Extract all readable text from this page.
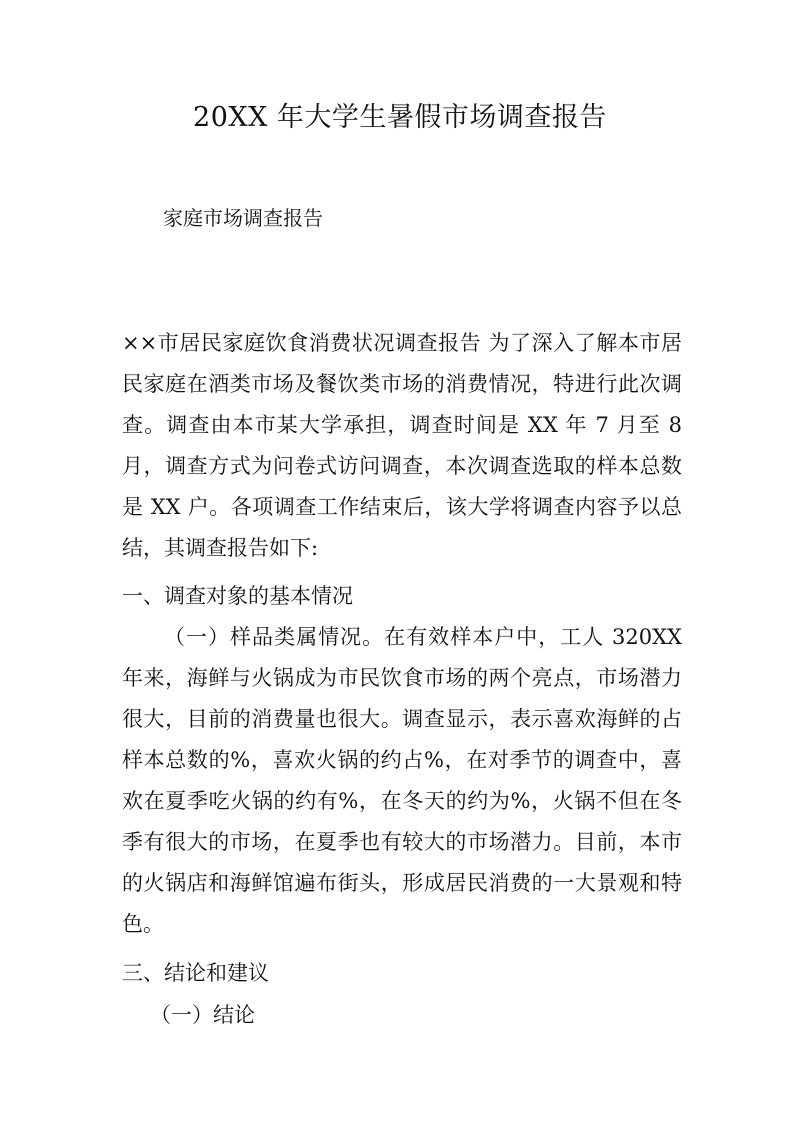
20XX 年大学生暑假市场调查报告
家庭市场调查报告
××市居民家庭饮食消费状况调查报告 为了深入了解本市居民家庭在酒类市场及餐饮类市场的消费情况，特进行此次调查。调查由本市某大学承担，调查时间是 XX 年 7 月至 8 月，调查方式为问卷式访问调查，本次调查选取的样本总数是 XX 户。各项调查工作结束后，该大学将调查内容予以总结，其调查报告如下:
一、调查对象的基本情况
（一）样品类属情况。在有效样本户中，工人 320XX 年来，海鲜与火锅成为市民饮食市场的两个亮点，市场潜力很大，目前的消费量也很大。调查显示，表示喜欢海鲜的占样本总数的%，喜欢火锅的约占%，在对季节的调查中，喜欢在夏季吃火锅的约有%，在冬天的约为%，火锅不但在冬季有很大的市场，在夏季也有较大的市场潜力。目前，本市的火锅店和海鲜馆遍布街头，形成居民消费的一大景观和特色。
三、结论和建议
（一）结论
